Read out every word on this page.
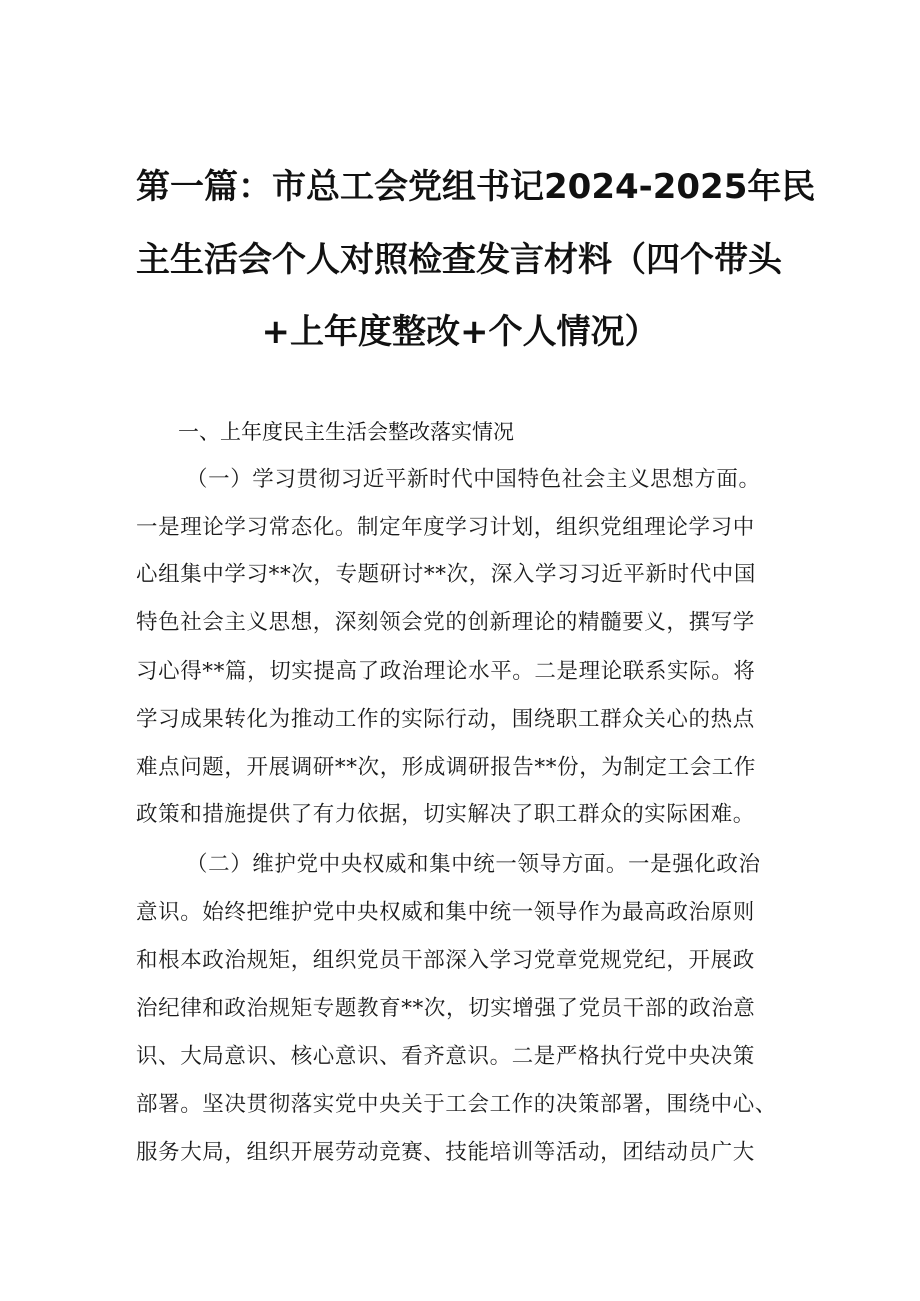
第一篇：市总工会党组书记2024-2025年民
主生活会个人对照检查发言材料（四个带头
+上年度整改+个人情况）
一、上年度民主生活会整改落实情况
（一）学习贯彻习近平新时代中国特色社会主义思想方面。
一是理论学习常态化。制定年度学习计划，组织党组理论学习中
心组集中学习**次，专题研讨**次，深入学习习近平新时代中国
特色社会主义思想，深刻领会党的创新理论的精髓要义，撰写学
习心得**篇，切实提高了政治理论水平。二是理论联系实际。将
学习成果转化为推动工作的实际行动，围绕职工群众关心的热点
难点问题，开展调研**次，形成调研报告**份，为制定工会工作
政策和措施提供了有力依据，切实解决了职工群众的实际困难。
（二）维护党中央权威和集中统一领导方面。一是强化政治
意识。始终把维护党中央权威和集中统一领导作为最高政治原则
和根本政治规矩，组织党员干部深入学习党章党规党纪，开展政
治纪律和政治规矩专题教育**次，切实增强了党员干部的政治意
识、大局意识、核心意识、看齐意识。二是严格执行党中央决策
部署。坚决贯彻落实党中央关于工会工作的决策部署，围绕中心、
服务大局，组织开展劳动竞赛、技能培训等活动，团结动员广大
